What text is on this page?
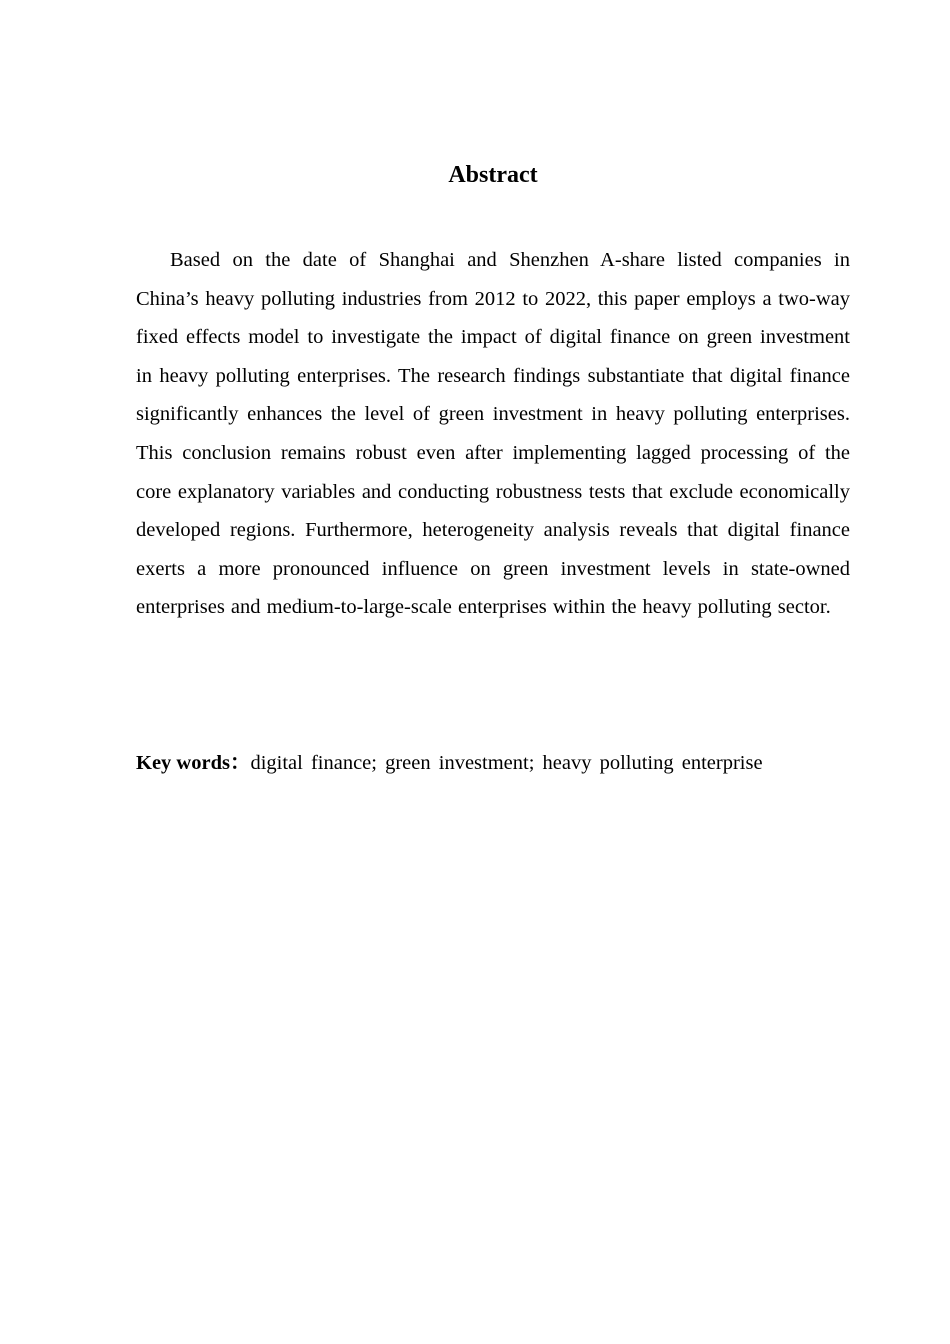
Abstract

Based on the date of Shanghai and Shenzhen A-share listed companies in China’s heavy polluting industries from 2012 to 2022, this paper employs a two-way fixed effects model to investigate the impact of digital finance on green investment in heavy polluting enterprises. The research findings substantiate that digital finance significantly enhances the level of green investment in heavy polluting enterprises. This conclusion remains robust even after implementing lagged processing of the core explanatory variables and conducting robustness tests that exclude economically developed regions. Furthermore, heterogeneity analysis reveals that digital finance exerts a more pronounced influence on green investment levels in state-owned enterprises and medium-to-large-scale enterprises within the heavy polluting sector.

Key words：digital finance; green investment; heavy polluting enterprise
